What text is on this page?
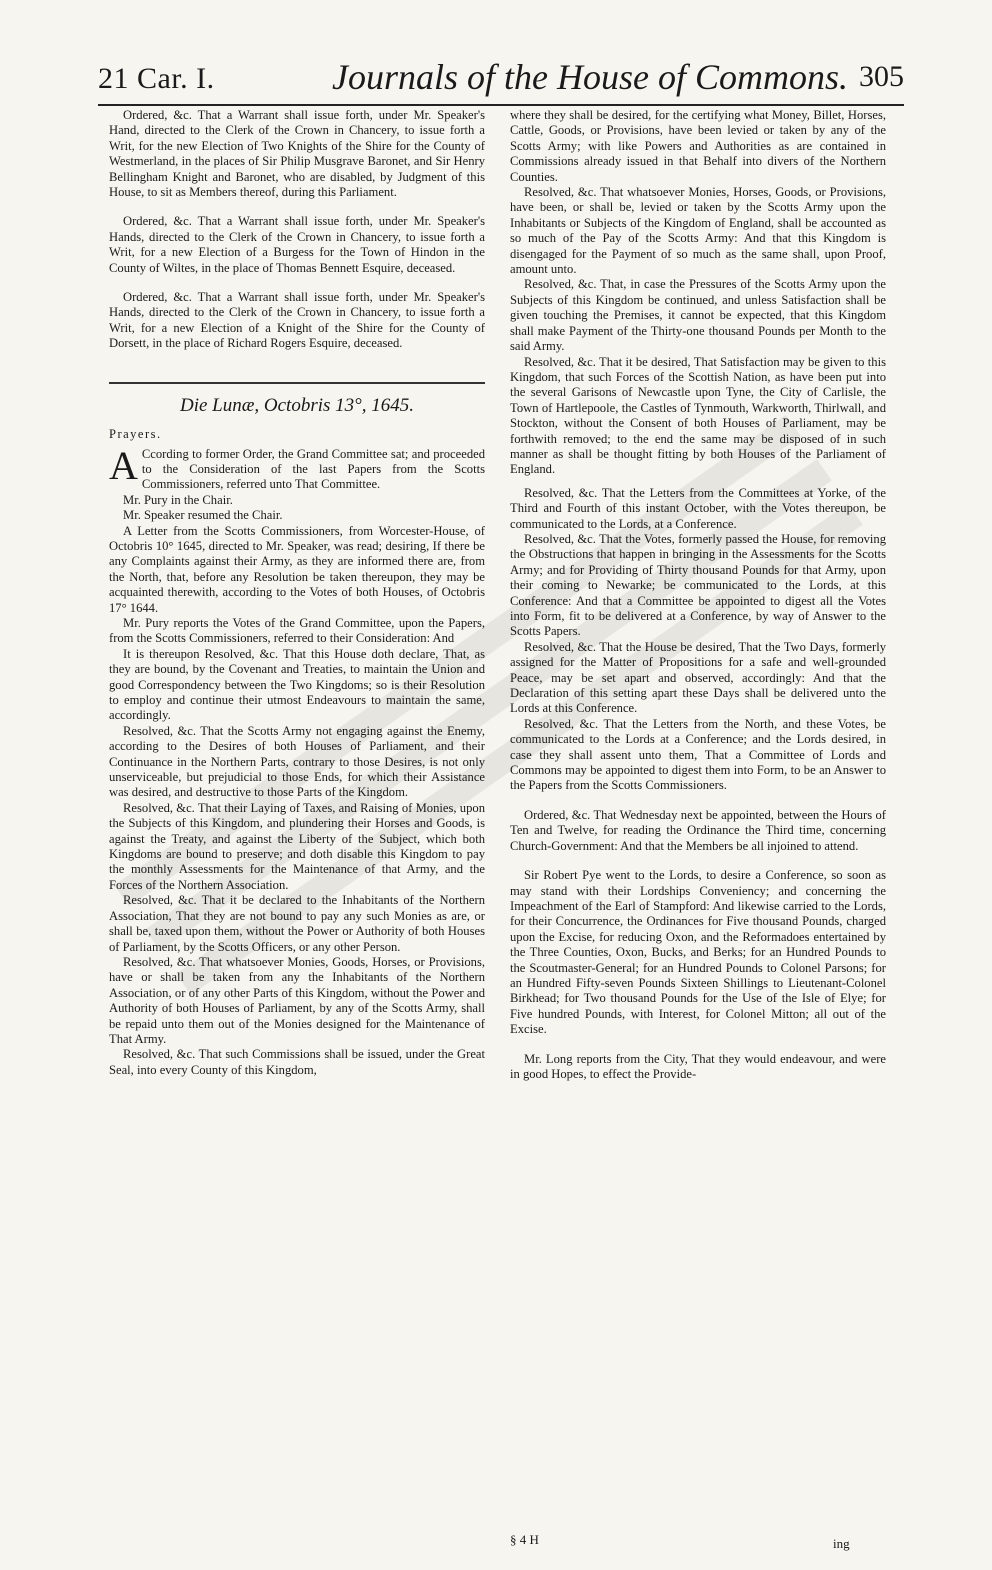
21 Car. I.	Journals of the House of Commons. 305

Ordered, &c. That a Warrant shall issue forth, under Mr. Speaker's Hand, directed to the Clerk of the Crown in Chancery, to issue forth a Writ, for the new Election of Two Knights of the Shire for the County of Westmerland, in the places of Sir Philip Musgrave Baronet, and Sir Henry Bellingham Knight and Baronet, who are disabled, by Judgment of this House, to sit as Members thereof, during this Parliament.

Ordered, &c. That a Warrant shall issue forth, under Mr. Speaker's Hands, directed to the Clerk of the Crown in Chancery, to issue forth a Writ, for a new Election of a Burgess for the Town of Hindon in the County of Wiltes, in the place of Thomas Bennett Esquire, deceased.

Ordered, &c. That a Warrant shall issue forth, under Mr. Speaker's Hands, directed to the Clerk of the Crown in Chancery, to issue forth a Writ, for a new Election of a Knight of the Shire for the County of Dorsett, in the place of Richard Rogers Esquire, deceased.

Die Lunæ, Octobris 13°, 1645.
Prayers.

A Ccording to former Order, the Grand Committee sat; and proceeded to the Consideration of the last Papers from the Scotts Commissioners, referred unto That Committee.

Mr. Pury in the Chair.

Mr. Speaker resumed the Chair.

A Letter from the Scotts Commissioners, from Worcester-House, of Octobris 10° 1645, directed to Mr. Speaker, was read; desiring, If there be any Complaints against their Army, as they are informed there are, from the North, that, before any Resolution be taken thereupon, they may be acquainted therewith, according to the Votes of both Houses, of Octobris 17° 1644.

Mr. Pury reports the Votes of the Grand Committee, upon the Papers, from the Scotts Commissioners, referred to their Consideration: And

It is thereupon Resolved, &c. That this House doth declare, That, as they are bound, by the Covenant and Treaties, to maintain the Union and good Correspondency between the Two Kingdoms; so is their Resolution to employ and continue their utmost Endeavours to maintain the same, accordingly.

Resolved, &c. That the Scotts Army not engaging against the Enemy, according to the Desires of both Houses of Parliament, and their Continuance in the Northern Parts, contrary to those Desires, is not only unserviceable, but prejudicial to those Ends, for which their Assistance was desired, and destructive to those Parts of the Kingdom.

Resolved, &c. That their Laying of Taxes, and Raising of Monies, upon the Subjects of this Kingdom, and plundering their Horses and Goods, is against the Treaty, and against the Liberty of the Subject, which both Kingdoms are bound to preserve; and doth disable this Kingdom to pay the monthly Assessments for the Maintenance of that Army, and the Forces of the Northern Association.

Resolved, &c. That it be declared to the Inhabitants of the Northern Association, That they are not bound to pay any such Monies as are, or shall be, taxed upon them, without the Power or Authority of both Houses of Parliament, by the Scotts Officers, or any other Person.

Resolved, &c. That whatsoever Monies, Goods, Horses, or Provisions, have or shall be taken from any the Inhabitants of the Northern Association, or of any other Parts of this Kingdom, without the Power and Authority of both Houses of Parliament, by any of the Scotts Army, shall be repaid unto them out of the Monies designed for the Maintenance of That Army.

Resolved, &c. That such Commissions shall be issued, under the Great Seal, into every County of this Kingdom,

where they shall be desired, for the certifying what Money, Billet, Horses, Cattle, Goods, or Provisions, have been levied or taken by any of the Scotts Army; with like Powers and Authorities as are contained in Commissions already issued in that Behalf into divers of the Northern Counties.

Resolved, &c. That whatsoever Monies, Horses, Goods, or Provisions, have been, or shall be, levied or taken by the Scotts Army upon the Inhabitants or Subjects of the Kingdom of England, shall be accounted as so much of the Pay of the Scotts Army: And that this Kingdom is disengaged for the Payment of so much as the same shall, upon Proof, amount unto.

Resolved, &c. That, in case the Pressures of the Scotts Army upon the Subjects of this Kingdom be continued, and unless Satisfaction shall be given touching the Premises, it cannot be expected, that this Kingdom shall make Payment of the Thirty-one thousand Pounds per Month to the said Army.

Resolved, &c. That it be desired, That Satisfaction may be given to this Kingdom, that such Forces of the Scottish Nation, as have been put into the several Garisons of Newcastle upon Tyne, the City of Carlisle, the Town of Hartlepoole, the Castles of Tynmouth, Warkworth, Thirlwall, and Stockton, without the Consent of both Houses of Parliament, may be forthwith removed; to the end the same may be disposed of in such manner as shall be thought fitting by both Houses of the Parliament of England.

Resolved, &c. That the Letters from the Committees at Yorke, of the Third and Fourth of this instant October, with the Votes thereupon, be communicated to the Lords, at a Conference.

Resolved, &c. That the Votes, formerly passed the House, for removing the Obstructions that happen in bringing in the Assessments for the Scotts Army; and for Providing of Thirty thousand Pounds for that Army, upon their coming to Newarke; be communicated to the Lords, at this Conference: And that a Committee be appointed to digest all the Votes into Form, fit to be delivered at a Conference, by way of Answer to the Scotts Papers.

Resolved, &c. That the House be desired, That the Two Days, formerly assigned for the Matter of Propositions for a safe and well-grounded Peace, may be set apart and observed, accordingly: And that the Declaration of this setting apart these Days shall be delivered unto the Lords at this Conference.

Resolved, &c. That the Letters from the North, and these Votes, be communicated to the Lords at a Conference; and the Lords desired, in case they shall assent unto them, That a Committee of Lords and Commons may be appointed to digest them into Form, to be an Answer to the Papers from the Scotts Commissioners.

Ordered, &c. That Wednesday next be appointed, between the Hours of Ten and Twelve, for reading the Ordinance the Third time, concerning Church-Government: And that the Members be all injoined to attend.

Sir Robert Pye went to the Lords, to desire a Conference, so soon as may stand with their Lordships Conveniency; and concerning the Impeachment of the Earl of Stampford: And likewise carried to the Lords, for their Concurrence, the Ordinances for Five thousand Pounds, charged upon the Excise, for reducing Oxon, and the Reformadoes entertained by the Three Counties, Oxon, Bucks, and Berks; for an Hundred Pounds to the Scoutmaster-General; for an Hundred Pounds to Colonel Parsons; for an Hundred Fifty-seven Pounds Sixteen Shillings to Lieutenant-Colonel Birkhead; for Two thousand Pounds for the Use of the Isle of Elye; for Five hundred Pounds, with Interest, for Colonel Mitton; all out of the Excise.

Mr. Long reports from the City, That they would endeavour, and were in good Hopes, to effect the Provide-

§ 4 H	ing
